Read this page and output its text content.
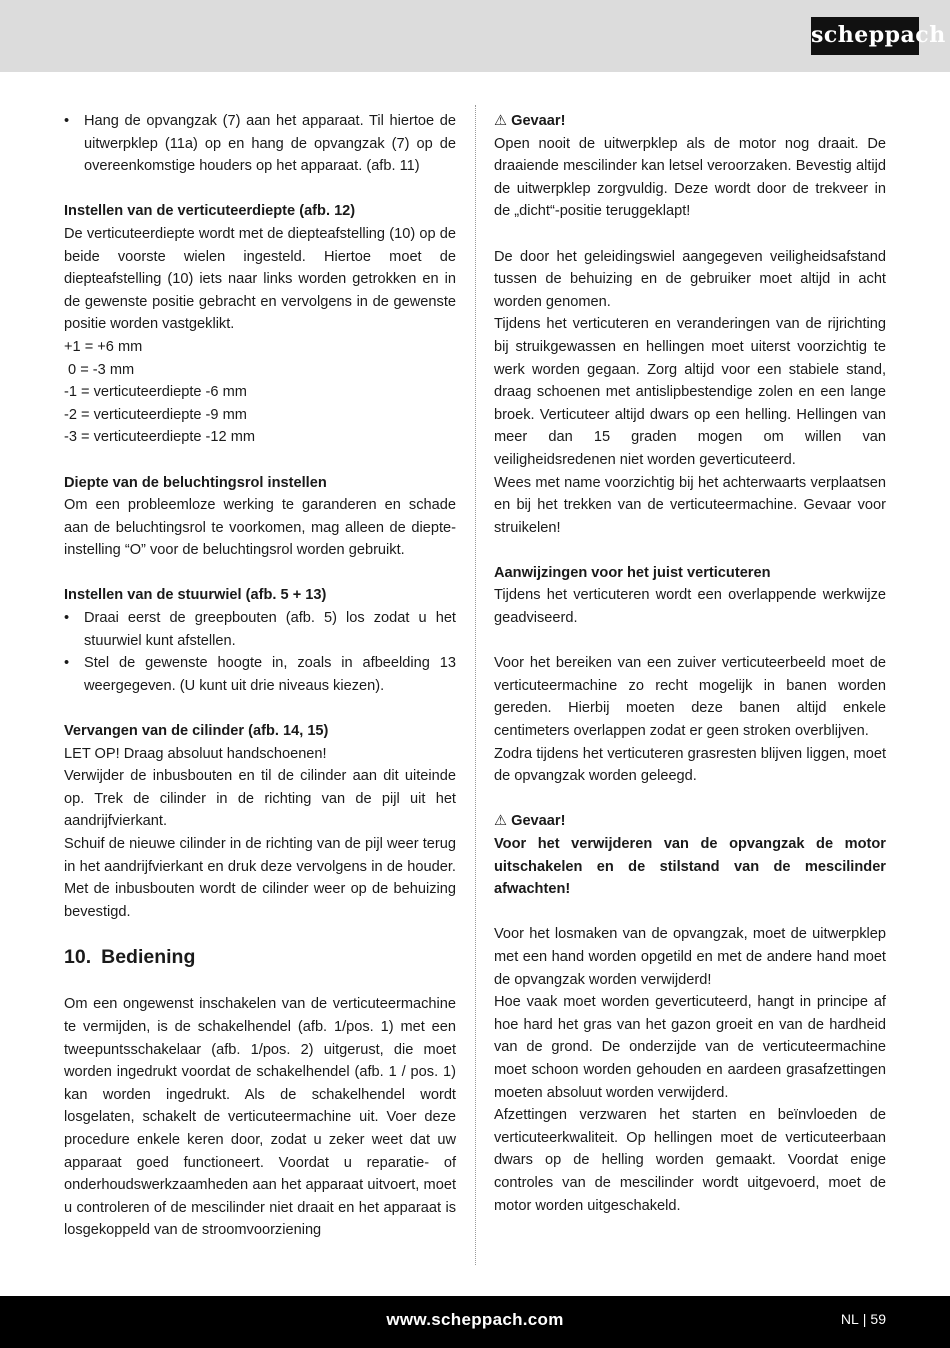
scheppach
• Hang de opvangzak (7) aan het apparaat. Til hiertoe de uitwerpklep (11a) op en hang de opvangzak (7) op de overeenkomstige houders op het apparaat. (afb. 11)

Instellen van de verticuteerdiepte (afb. 12)

De verticuteerdiepte wordt met de diepteafstelling (10) op de beide voorste wielen ingesteld. Hiertoe moet de diepteafstelling (10) iets naar links worden getrokken en in de gewenste positie gebracht en vervolgens in de gewenste positie worden vastgeklikt.

+1 = +6 mm

0 = -3 mm

-1 = verticuteerdiepte -6 mm

-2 = verticuteerdiepte -9 mm

-3 = verticuteerdiepte -12 mm

Diepte van de beluchtingsrol instellen

Om een probleemloze werking te garanderen en schade aan de beluchtingsrol te voorkomen, mag alleen de diepte-instelling “O” voor de beluchtingsrol worden gebruikt.

Instellen van de stuurwiel (afb. 5 + 13)

• Draai eerst de greepbouten (afb. 5) los zodat u het stuurwiel kunt afstellen.
• Stel de gewenste hoogte in, zoals in afbeelding 13 weergegeven. (U kunt uit drie niveaus kiezen).

Vervangen van de cilinder (afb. 14, 15)

LET OP! Draag absoluut handschoenen!

Verwijder de inbusbouten en til de cilinder aan dit uiteinde op. Trek de cilinder in de richting van de pijl uit het aandrijfvierkant.

Schuif de nieuwe cilinder in de richting van de pijl weer terug in het aandrijfvierkant en druk deze vervolgens in de houder. Met de inbusbouten wordt de cilinder weer op de behuizing bevestigd.

10. Bediening

Om een ongewenst inschakelen van de verticuteermachine te vermijden, is de schakelhendel (afb. 1/pos. 1) met een tweepuntsschakelaar (afb. 1/pos. 2) uitgerust, die moet worden ingedrukt voordat de schakelhendel (afb. 1 / pos. 1) kan worden ingedrukt. Als de schakelhendel wordt losgelaten, schakelt de verticuteermachine uit. Voer deze procedure enkele keren door, zodat u zeker weet dat uw apparaat goed functioneert. Voordat u reparatie- of onderhoudswerkzaamheden aan het apparaat uitvoert, moet u controleren of de mescilinder niet draait en het apparaat is losgekoppeld van de stroomvoorziening

⚠ Gevaar!

Open nooit de uitwerpklep als de motor nog draait. De draaiende mescilinder kan letsel veroorzaken. Bevestig altijd de uitwerpklep zorgvuldig. Deze wordt door de trekveer in de „dicht“-positie teruggeklapt!

De door het geleidingswiel aangegeven veiligheidsafstand tussen de behuizing en de gebruiker moet altijd in acht worden genomen.

Tijdens het verticuteren en veranderingen van de rijrichting bij struikgewassen en hellingen moet uiterst voorzichtig te werk worden gegaan. Zorg altijd voor een stabiele stand, draag schoenen met antislipbestendige zolen en een lange broek. Verticuteer altijd dwars op een helling. Hellingen van meer dan 15 graden mogen om willen van veiligheidsredenen niet worden geverticuteerd.

Wees met name voorzichtig bij het achterwaarts verplaatsen en bij het trekken van de verticuteermachine. Gevaar voor struikelen!

Aanwijzingen voor het juist verticuteren

Tijdens het verticuteren wordt een overlappende werkwijze geadviseerd.

Voor het bereiken van een zuiver verticuteerbeeld moet de verticuteermachine zo recht mogelijk in banen worden gereden. Hierbij moeten deze banen altijd enkele centimeters overlappen zodat er geen stroken overblijven.

Zodra tijdens het verticuteren grasresten blijven liggen, moet de opvangzak worden geleegd.

⚠ Gevaar!

Voor het verwijderen van de opvangzak de motor uitschakelen en de stilstand van de mescilinder afwachten!

Voor het losmaken van de opvangzak, moet de uitwerpklep met een hand worden opgetild en met de andere hand moet de opvangzak worden verwijderd!

Hoe vaak moet worden geverticuteerd, hangt in principe af hoe hard het gras van het gazon groeit en van de hardheid van de grond. De onderzijde van de verticuteermachine moet schoon worden gehouden en aardeen grasafzettingen moeten absoluut worden verwijderd.

Afzettingen verzwaren het starten en beïnvloeden de verticuteerkwaliteit. Op hellingen moet de verticuteerbaan dwars op de helling worden gemaakt. Voordat enige controles van de mescilinder wordt uitgevoerd, moet de motor worden uitgeschakeld.

www.scheppach.com	NL | 59
